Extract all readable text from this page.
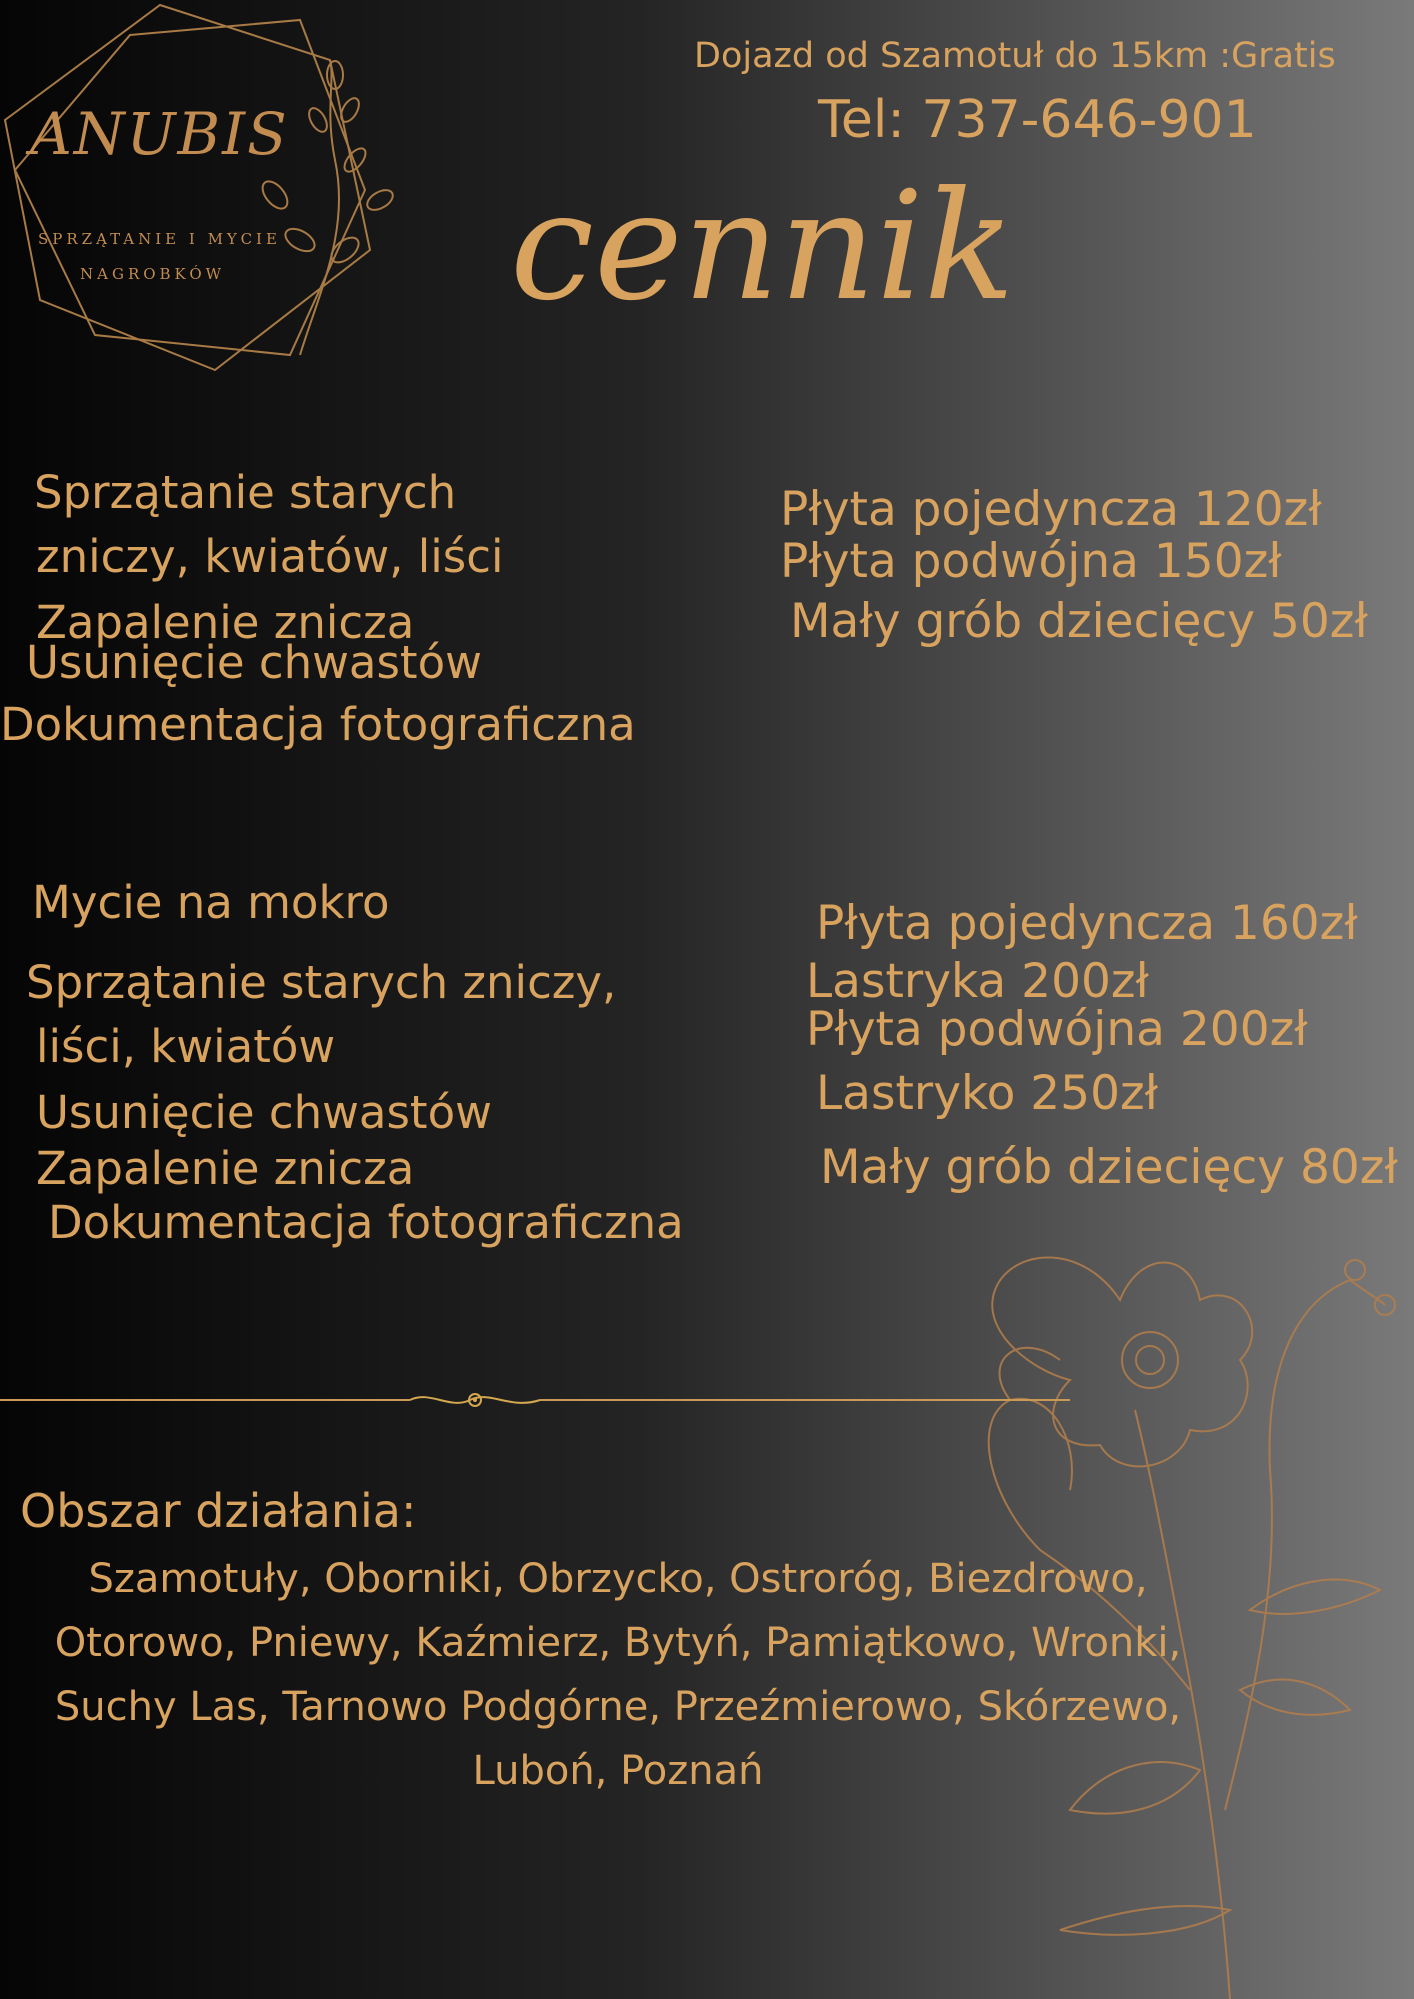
ANUBIS
SPRZĄTANIE I MYCIE
NAGROBKÓW
Dojazd od Szamotuł do 15km :Gratis
Tel: 737-646-901
cennik
Sprzątanie starych
zniczy, kwiatów, liści
Zapalenie znicza
Usunięcie chwastów
Dokumentacja fotograficzna
Płyta pojedyncza 120zł
Płyta podwójna 150zł
Mały grób dziecięcy 50zł
Mycie na mokro
Sprzątanie starych zniczy,
liści, kwiatów
Usunięcie chwastów
Zapalenie znicza
Dokumentacja fotograficzna
Płyta pojedyncza 160zł
Lastryka 200zł
Płyta podwójna 200zł
Lastryko 250zł
Mały grób dziecięcy 80zł
Obszar działania:
Szamotuły, Oborniki, Obrzycko, Ostroróg, Biezdrowo,
Otorowo, Pniewy, Kaźmierz, Bytyń, Pamiątkowo, Wronki,
Suchy Las, Tarnowo Podgórne, Przeźmierowo, Skórzewo,
Luboń, Poznań
